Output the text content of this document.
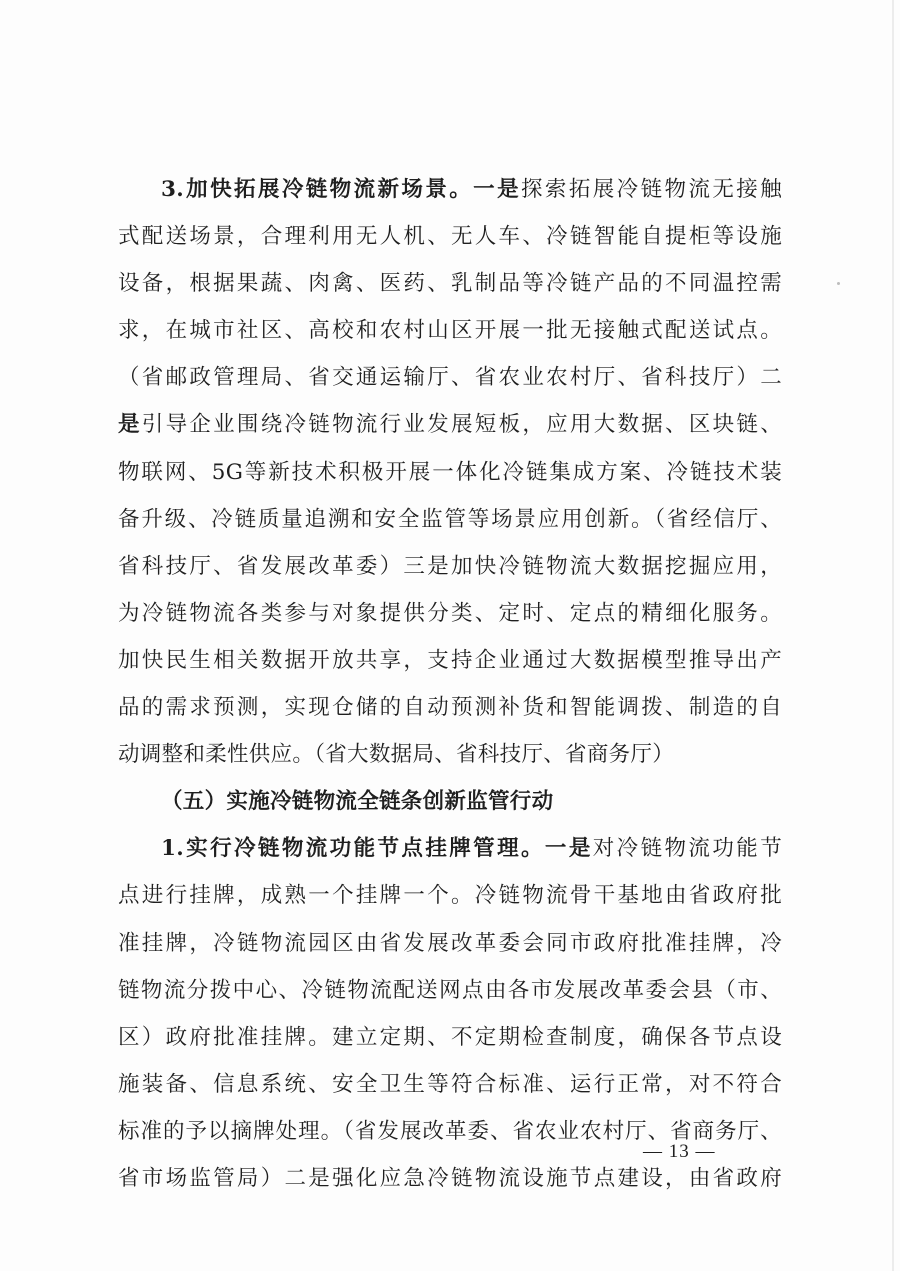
3.加快拓展冷链物流新场景。一是探索拓展冷链物流无接触
式配送场景，合理利用无人机、无人车、冷链智能自提柜等设施
设备，根据果蔬、肉禽、医药、乳制品等冷链产品的不同温控需
求，在城市社区、高校和农村山区开展一批无接触式配送试点。
（省邮政管理局、省交通运输厅、省农业农村厅、省科技厅）二
是引导企业围绕冷链物流行业发展短板，应用大数据、区块链、
物联网、5G等新技术积极开展一体化冷链集成方案、冷链技术装
备升级、冷链质量追溯和安全监管等场景应用创新。（省经信厅、
省科技厅、省发展改革委）三是加快冷链物流大数据挖掘应用，
为冷链物流各类参与对象提供分类、定时、定点的精细化服务。
加快民生相关数据开放共享，支持企业通过大数据模型推导出产
品的需求预测，实现仓储的自动预测补货和智能调拨、制造的自
动调整和柔性供应。（省大数据局、省科技厅、省商务厅）
（五）实施冷链物流全链条创新监管行动
1.实行冷链物流功能节点挂牌管理。一是对冷链物流功能节
点进行挂牌，成熟一个挂牌一个。冷链物流骨干基地由省政府批
准挂牌，冷链物流园区由省发展改革委会同市政府批准挂牌，冷
链物流分拨中心、冷链物流配送网点由各市发展改革委会县（市、
区）政府批准挂牌。建立定期、不定期检查制度，确保各节点设
施装备、信息系统、安全卫生等符合标准、运行正常，对不符合
标准的予以摘牌处理。（省发展改革委、省农业农村厅、省商务厅、
省市场监管局）二是强化应急冷链物流设施节点建设，由省政府
— 13 —
